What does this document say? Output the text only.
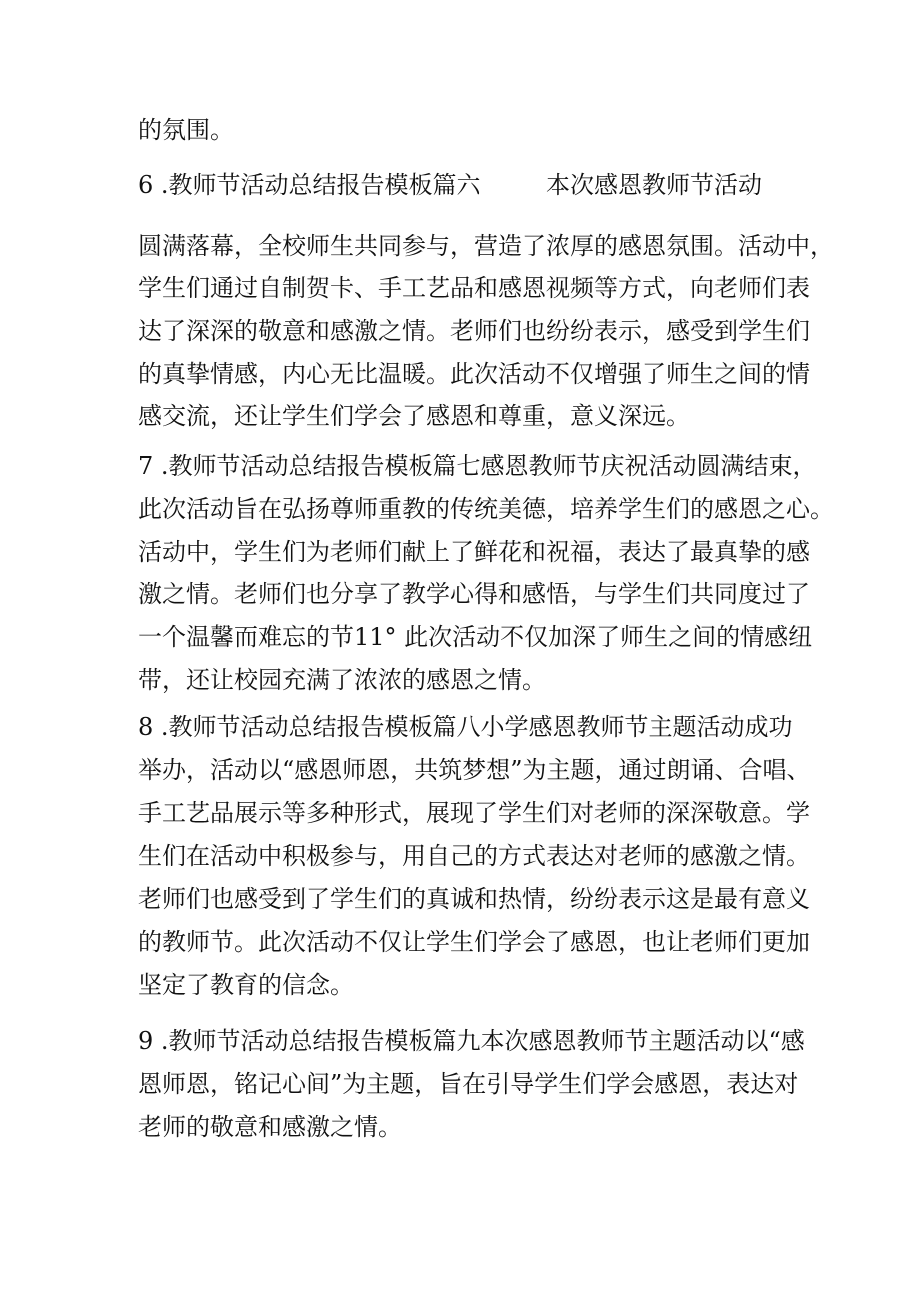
的氛围。
6 .教师节活动总结报告模板篇六	本次感恩教师节活动
圆满落幕，全校师生共同参与，营造了浓厚的感恩氛围。活动中，
学生们通过自制贺卡、手工艺品和感恩视频等方式，向老师们表
达了深深的敬意和感激之情。老师们也纷纷表示，感受到学生们
的真挚情感，内心无比温暖。此次活动不仅增强了师生之间的情
感交流，还让学生们学会了感恩和尊重，意义深远。
7 .教师节活动总结报告模板篇七感恩教师节庆祝活动圆满结束，
此次活动旨在弘扬尊师重教的传统美德，培养学生们的感恩之心。
活动中，学生们为老师们献上了鲜花和祝福，表达了最真挚的感
激之情。老师们也分享了教学心得和感悟，与学生们共同度过了
一个温馨而难忘的节11° 此次活动不仅加深了师生之间的情感纽
带，还让校园充满了浓浓的感恩之情。
8 .教师节活动总结报告模板篇八小学感恩教师节主题活动成功
举办，活动以“感恩师恩，共筑梦想”为主题，通过朗诵、合唱、
手工艺品展示等多种形式，展现了学生们对老师的深深敬意。学
生们在活动中积极参与，用自己的方式表达对老师的感激之情。
老师们也感受到了学生们的真诚和热情，纷纷表示这是最有意义
的教师节。此次活动不仅让学生们学会了感恩，也让老师们更加
坚定了教育的信念。
9 .教师节活动总结报告模板篇九本次感恩教师节主题活动以“感
恩师恩，铭记心间”为主题，旨在引导学生们学会感恩，表达对
老师的敬意和感激之情。
